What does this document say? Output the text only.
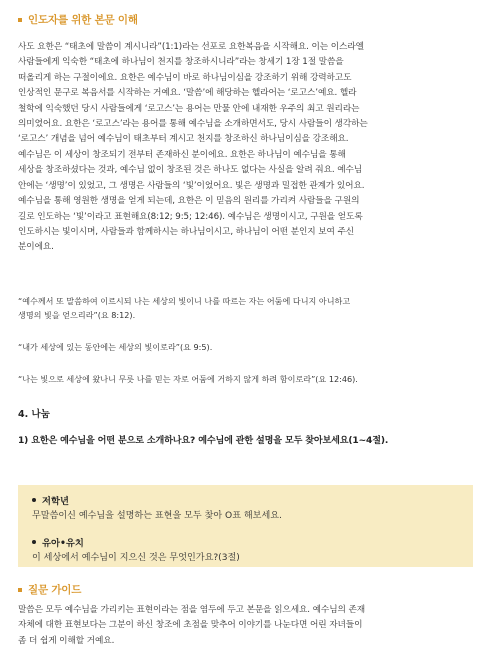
인도자를 위한 본문 이해
사도 요한은 “태초에 말씀이 계시니라”(1:1)라는 선포로 요한복음을 시작해요. 이는 이스라엘
사람들에게 익숙한 “태초에 하나님이 천지를 창조하시니라”라는 창세기 1장 1절 말씀을
떠올리게 하는 구절이에요. 요한은 예수님이 바로 하나님이심을 강조하기 위해 강력하고도
인상적인 문구로 복음서를 시작하는 거예요. ‘말씀’에 해당하는 헬라어는 ‘로고스’예요. 헬라
철학에 익숙했던 당시 사람들에게 ‘로고스’는 용어는 만물 안에 내재한 우주의 최고 원리라는
의미였어요. 요한은 ‘로고스’라는 용어를 통해 예수님을 소개하면서도, 당시 사람들이 생각하는
‘로고스’ 개념을 넘어 예수님이 태초부터 계시고 천지를 창조하신 하나님이심을 강조해요.
예수님은 이 세상이 창조되기 전부터 존재하신 분이에요. 요한은 하나님이 예수님을 통해
세상을 창조하셨다는 것과, 예수님 없이 창조된 것은 하나도 없다는 사실을 알려 줘요. 예수님
안에는 ‘생명’이 있었고, 그 생명은 사람들의 ‘빛’이었어요. 빛은 생명과 밀접한 관계가 있어요.
예수님을 통해 영원한 생명을 얻게 되는데, 요한은 이 믿음의 원리를 가리켜 사람들을 구원의
길로 인도하는 ‘빛’이라고 표현해요(8:12; 9:5; 12:46). 예수님은 생명이시고, 구원을 얻도록
인도하시는 빛이시며, 사람들과 함께하시는 하나님이시고, 하나님이 어떤 분인지 보여 주신
분이에요.
“예수께서 또 말씀하여 이르시되 나는 세상의 빛이니 나를 따르는 자는 어둠에 다니지 아니하고
생명의 빛을 얻으리라”(요 8:12).
“내가 세상에 있는 동안에는 세상의 빛이로라”(요 9:5).
“나는 빛으로 세상에 왔나니 무릇 나를 믿는 자로 어둠에 거하지 않게 하려 함이로라”(요 12:46).
4. 나눔
1) 요한은 예수님을 어떤 분으로 소개하나요? 예수님에 관한 설명을 모두 찾아보세요(1~4절).
저학년
무말씀이신 예수님을 설명하는 표현을 모두 찾아 O표 해보세요.
유아•유치
이 세상에서 예수님이 지으신 것은 무엇인가요?(3절)
질문 가이드
말씀은 모두 예수님을 가리키는 표현이라는 점을 염두에 두고 본문을 읽으세요. 예수님의 존재
자체에 대한 표현보다는 그분이 하신 창조에 초점을 맞추어 이야기를 나눈다면 어린 자녀들이
좀 더 쉽게 이해할 거예요.
